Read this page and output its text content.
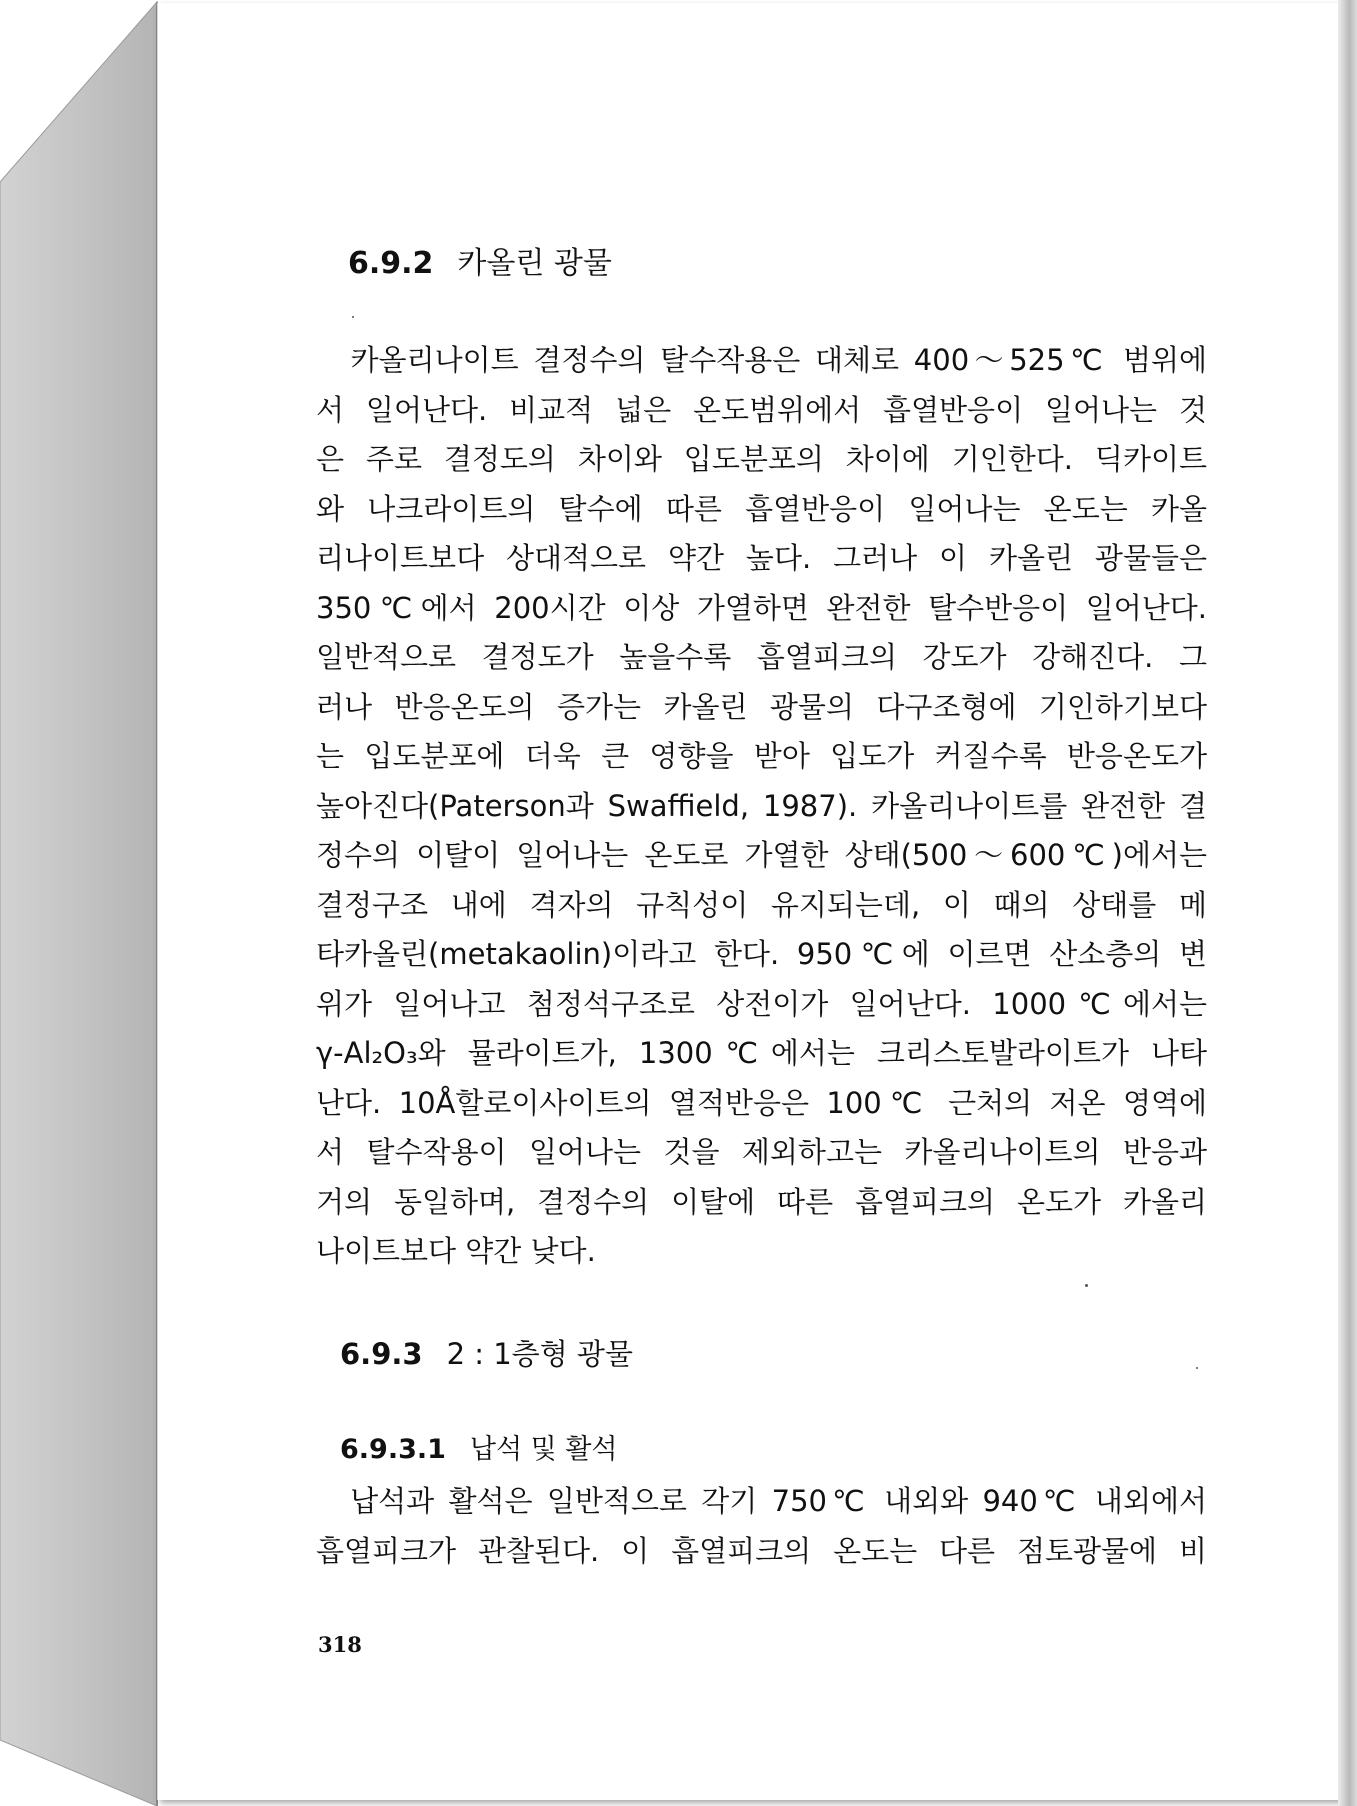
6.9.2 카올린 광물
　카올리나이트 결정수의 탈수작용은 대체로 400～525℃ 범위에
서 일어난다. 비교적 넓은 온도범위에서 흡열반응이 일어나는 것
은 주로 결정도의 차이와 입도분포의 차이에 기인한다. 딕카이트
와 나크라이트의 탈수에 따른 흡열반응이 일어나는 온도는 카올
리나이트보다 상대적으로 약간 높다. 그러나 이 카올린 광물들은
350℃에서 200시간 이상 가열하면 완전한 탈수반응이 일어난다.
일반적으로 결정도가 높을수록 흡열피크의 강도가 강해진다. 그
러나 반응온도의 증가는 카올린 광물의 다구조형에 기인하기보다
는 입도분포에 더욱 큰 영향을 받아 입도가 커질수록 반응온도가
높아진다(Paterson과 Swaffield, 1987). 카올리나이트를 완전한 결
정수의 이탈이 일어나는 온도로 가열한 상태(500～600℃)에서는
결정구조 내에 격자의 규칙성이 유지되는데, 이 때의 상태를 메
타카올린(metakaolin)이라고 한다. 950℃에 이르면 산소층의 변
위가 일어나고 첨정석구조로 상전이가 일어난다. 1000℃에서는
γ-Al₂O₃와 뮬라이트가, 1300℃에서는 크리스토발라이트가 나타
난다. 10Å할로이사이트의 열적반응은 100℃ 근처의 저온 영역에
서 탈수작용이 일어나는 것을 제외하고는 카올리나이트의 반응과
거의 동일하며, 결정수의 이탈에 따른 흡열피크의 온도가 카올리
나이트보다 약간 낮다.
6.9.3 2 : 1층형 광물
6.9.3.1 납석 및 활석
　납석과 활석은 일반적으로 각기 750℃ 내외와 940℃ 내외에서
흡열피크가 관찰된다. 이 흡열피크의 온도는 다른 점토광물에 비
318
